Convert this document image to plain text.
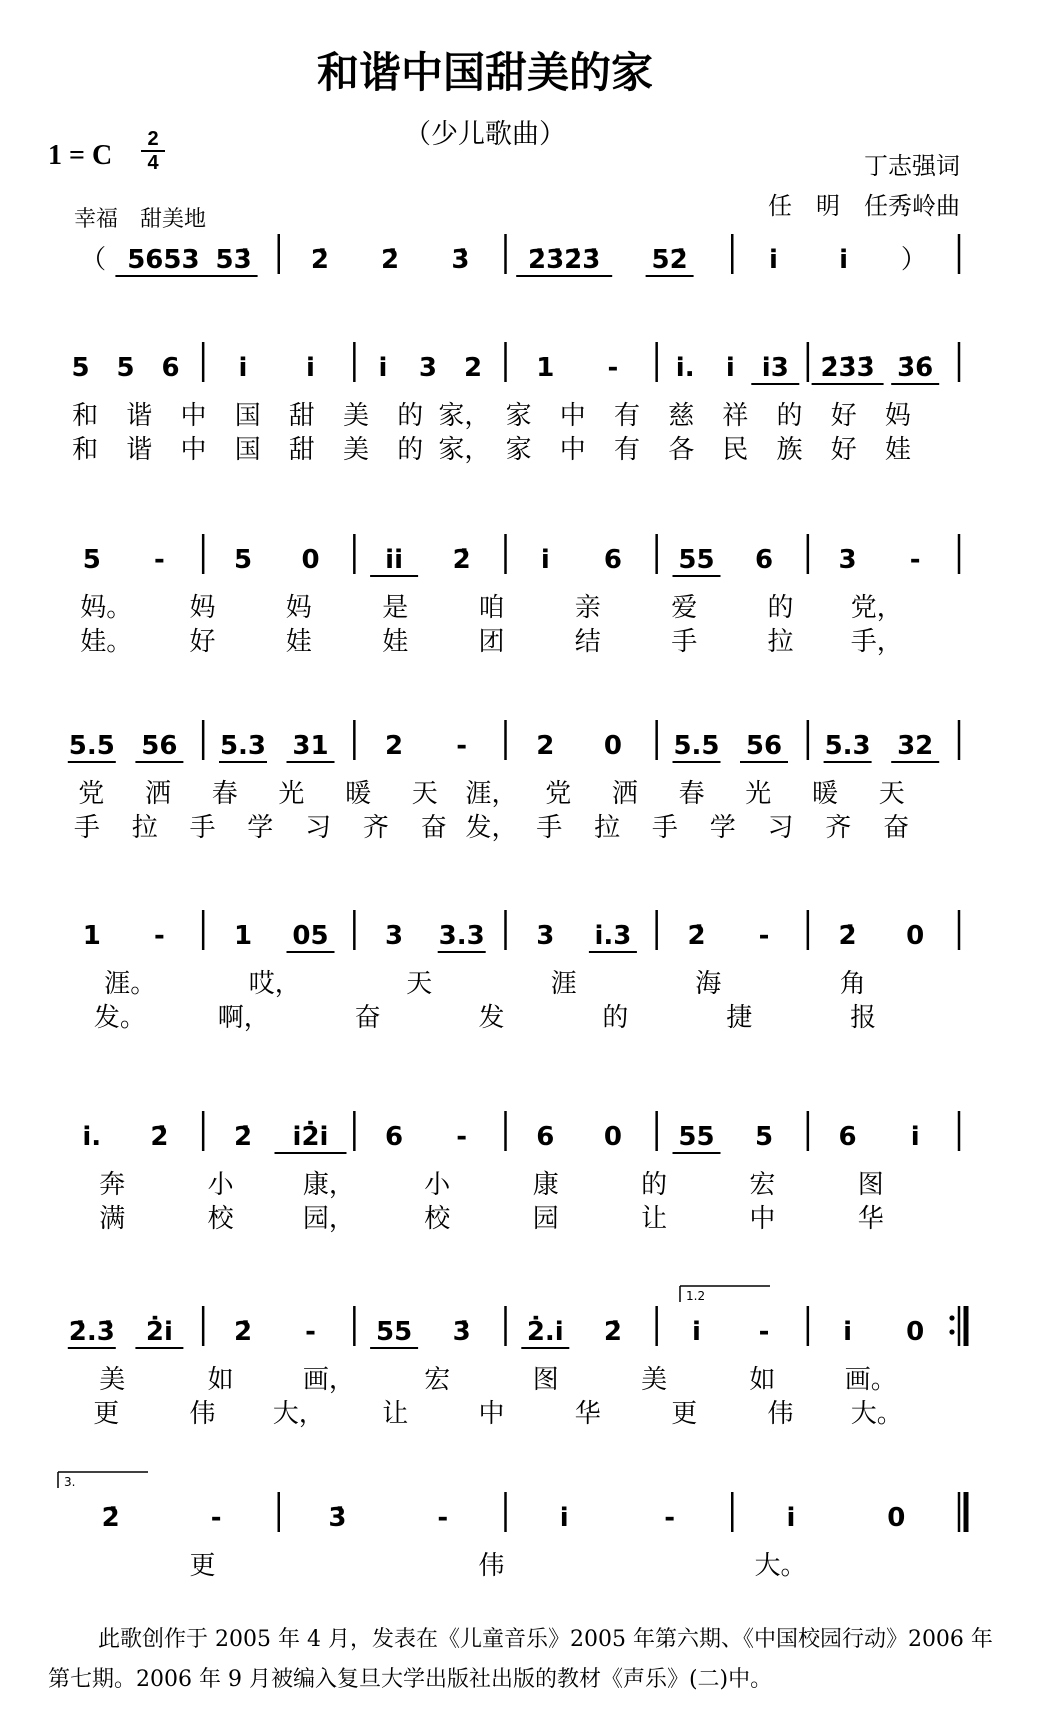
和谐中国甜美的家
（少儿歌曲）
1 = C
2
4	丁志强词
任　明　任秀岭曲
幸福　甜美地
（ 5653 53̇ 2̇ 2̇ 3̇ 2̇3̇2̇3̇ 52̇	i i ）
5 5 6 i i i 3 2 1 - i. i i3 2̇3̇3̇ 3̇6̇
和 谐 中 国 甜 美 的 家， 家 中 有 慈 祥 的 好 妈
和 谐 中 国 甜 美 的 家， 家 中 有 各 民 族 好 娃
5 -	5 0	ii 2̇	i 6 55 6	3 -
妈。 妈	妈	是	咱	亲	爱	的 党，
娃。 好	娃	娃	团	结	手	拉 手，
5.5 56 5.3 31 2 -	2 0 5.5 56 5.3 32
党 洒 春 光 暖 天 涯， 党 洒 春 光 暖 天
手 拉 手 学 习 齐 奋 发， 手 拉 手 学 习 齐 奋
1 -	1 05 3 3.3 3 i.3 2̇ -	2̇ 0
涯。	哎，	天	涯	海	角
发。	啊，	奋	发	的	捷	报
i. 2̇	2̇ i2̇i 6 -	6 0 55 5	6 i
奔	小	康，	小	康	的	宏	图
满	校	园，	校	园	让	中	华
2̇.3̇ 2̇i 2̇ - 55 3̇ 2̇.i 2̇	i -	i 0
1.2
美	如	画，	宏	图	美	如	画。
更	伟 大， 让	中	华	更	伟 大。
2̇	-	3̇	-	i	-	i	0
3.
更	伟	大。
此歌创作于 2005 年 4 月，发表在《儿童音乐》2005 年第六期、《中国校园行动》2006 年第七期。2006 年 9 月被编入复旦大学出版社出版的教材《声乐》(二)中。
